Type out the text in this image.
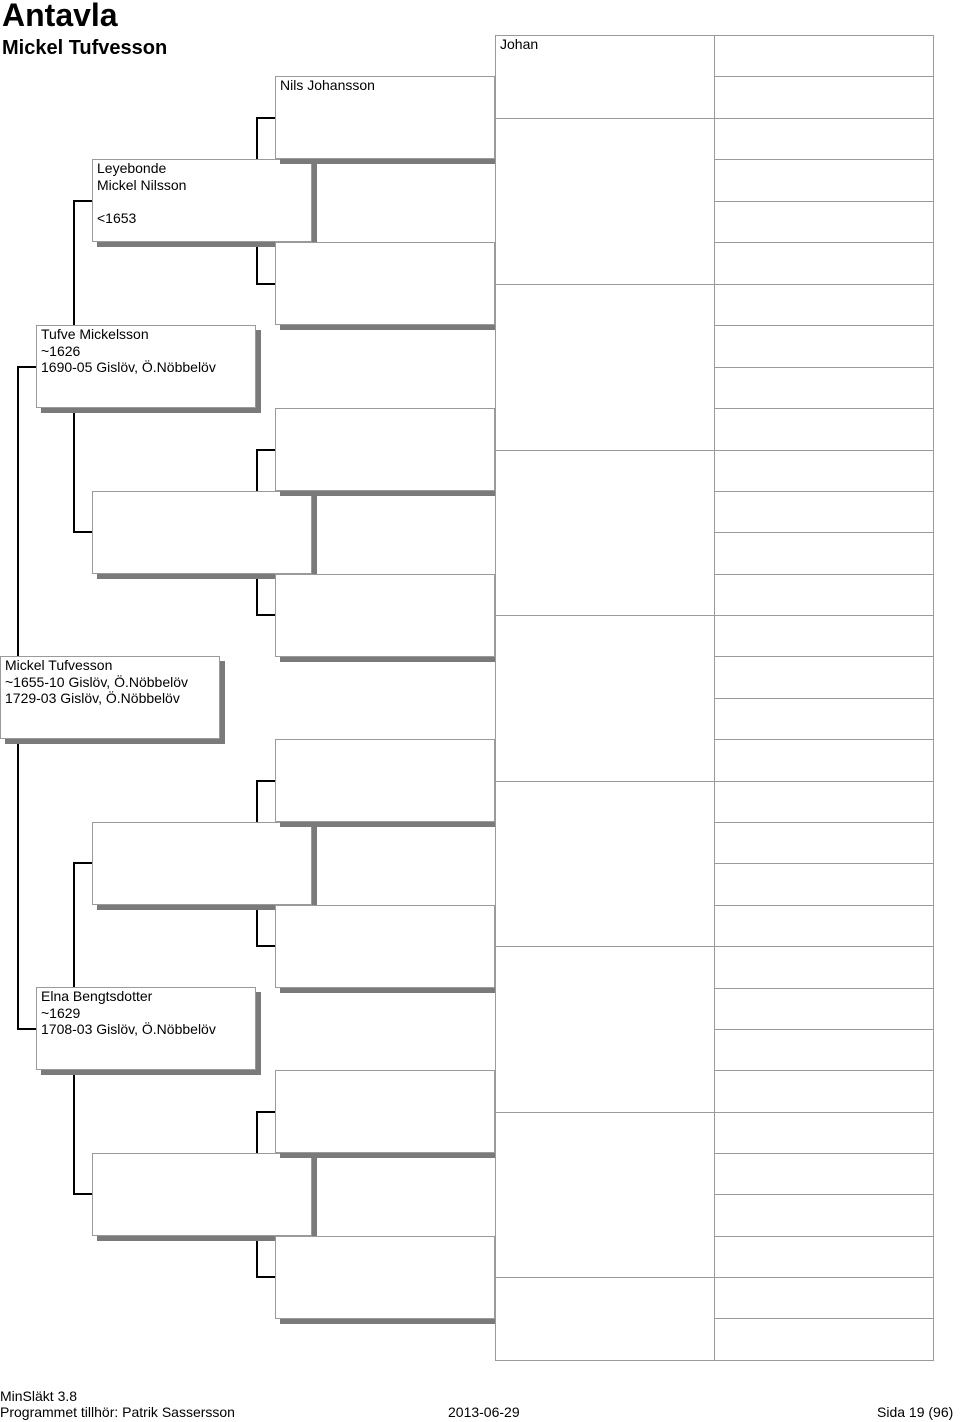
Antavla
Mickel Tufvesson
Mickel Tufvesson
~1655-10 Gislöv, Ö.Nöbbelöv
1729-03 Gislöv, Ö.Nöbbelöv
Tufve Mickelsson
~1626
1690-05 Gislöv, Ö.Nöbbelöv
Elna Bengtsdotter
~1629
1708-03 Gislöv, Ö.Nöbbelöv
Leyebonde
Mickel Nilsson
<1653
Nils Johansson
Johan
MinSläkt 3.8
Programmet tillhör: Patrik Sassersson	2013-06-29	Sida 19 (96)
